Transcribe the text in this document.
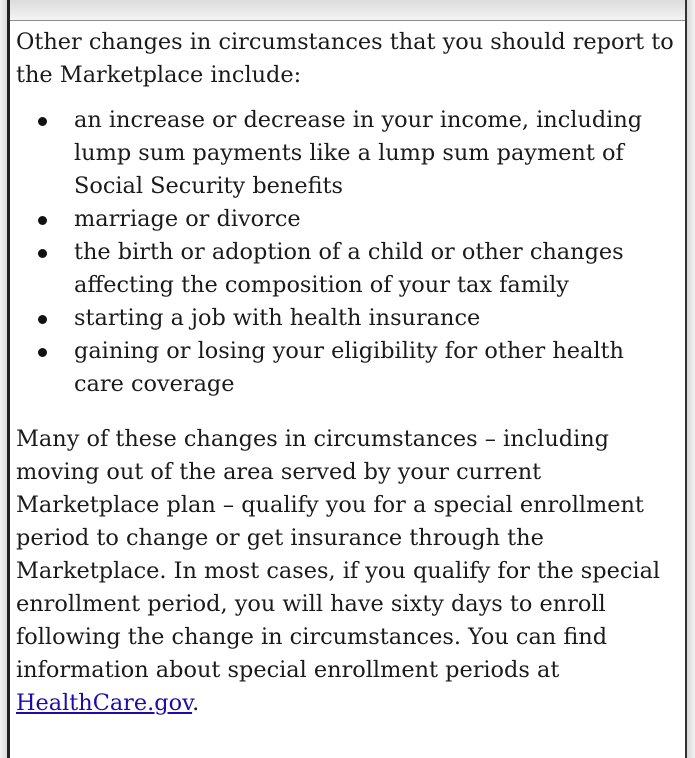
Other changes in circumstances that you should report to the Marketplace include:

an increase or decrease in your income, including lump sum payments like a lump sum payment of Social Security benefits
marriage or divorce
the birth or adoption of a child or other changes affecting the composition of your tax family
starting a job with health insurance
gaining or losing your eligibility for other health care coverage

Many of these changes in circumstances – including moving out of the area served by your current Marketplace plan – qualify you for a special enrollment period to change or get insurance through the Marketplace. In most cases, if you qualify for the special enrollment period, you will have sixty days to enroll following the change in circumstances. You can find information about special enrollment periods at HealthCare.gov.
